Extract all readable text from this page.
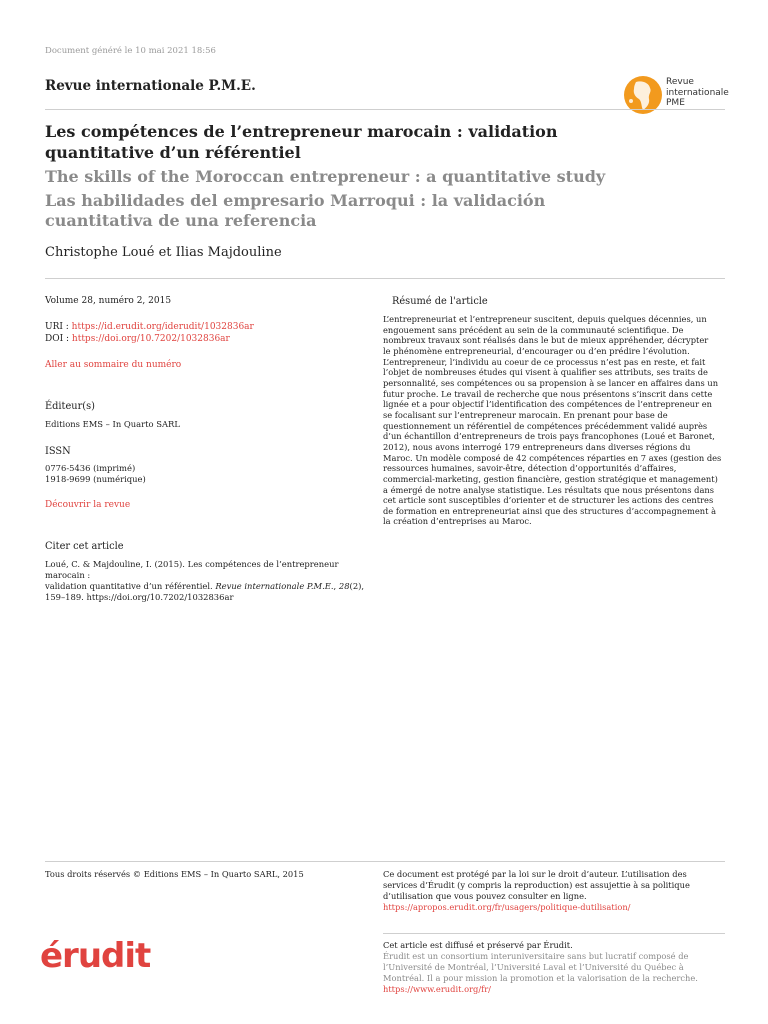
Document généré le 10 mai 2021 18:56
Revue internationale P.M.E.	Revue
internationale
PME
Les compétences de l’entrepreneur marocain : validation
quantitative d’un référentiel
The skills of the Moroccan entrepreneur : a quantitative study
Las habilidades del empresario Marroqui : la validación
cuantitativa de una referencia
Christophe Loué et Ilias Majdouline
Volume 28, numéro 2, 2015
URI : https://id.erudit.org/iderudit/1032836ar
DOI : https://doi.org/10.7202/1032836ar
Aller au sommaire du numéro
Éditeur(s)
Editions EMS – In Quarto SARL
ISSN
0776-5436 (imprimé)
1918-9699 (numérique)
Découvrir la revue
Citer cet article
Loué, C. & Majdouline, I. (2015). Les compétences de l’entrepreneur marocain :
validation quantitative d’un référentiel. Revue internationale P.M.E., 28(2),
159–189. https://doi.org/10.7202/1032836ar
Résumé de l'article
L’entrepreneuriat et l’entrepreneur suscitent, depuis quelques décennies, un
engouement sans précédent au sein de la communauté scientifique. De
nombreux travaux sont réalisés dans le but de mieux appréhender, décrypter
le phénomène entrepreneurial, d’encourager ou d’en prédire l’évolution.
L’entrepreneur, l’individu au coeur de ce processus n’est pas en reste, et fait
l’objet de nombreuses études qui visent à qualifier ses attributs, ses traits de
personnalité, ses compétences ou sa propension à se lancer en affaires dans un
futur proche. Le travail de recherche que nous présentons s’inscrit dans cette
lignée et a pour objectif l’identification des compétences de l’entrepreneur en
se focalisant sur l’entrepreneur marocain. En prenant pour base de
questionnement un référentiel de compétences précédemment validé auprès
d’un échantillon d’entrepreneurs de trois pays francophones (Loué et Baronet,
2012), nous avons interrogé 179 entrepreneurs dans diverses régions du
Maroc. Un modèle composé de 42 compétences réparties en 7 axes (gestion des
ressources humaines, savoir-être, détection d’opportunités d’affaires,
commercial-marketing, gestion financière, gestion stratégique et management)
a émergé de notre analyse statistique. Les résultats que nous présentons dans
cet article sont susceptibles d’orienter et de structurer les actions des centres
de formation en entrepreneuriat ainsi que des structures d’accompagnement à
la création d’entreprises au Maroc.
Tous droits réservés © Editions EMS – In Quarto SARL, 2015	Ce document est protégé par la loi sur le droit d’auteur. L’utilisation des
services d’Érudit (y compris la reproduction) est assujettie à sa politique
d’utilisation que vous pouvez consulter en ligne.
https://apropos.erudit.org/fr/usagers/politique-dutilisation/
érudit	Cet article est diffusé et préservé par Érudit.
Érudit est un consortium interuniversitaire sans but lucratif composé de
l’Université de Montréal, l’Université Laval et l’Université du Québec à
Montréal. Il a pour mission la promotion et la valorisation de la recherche.
https://www.erudit.org/fr/
